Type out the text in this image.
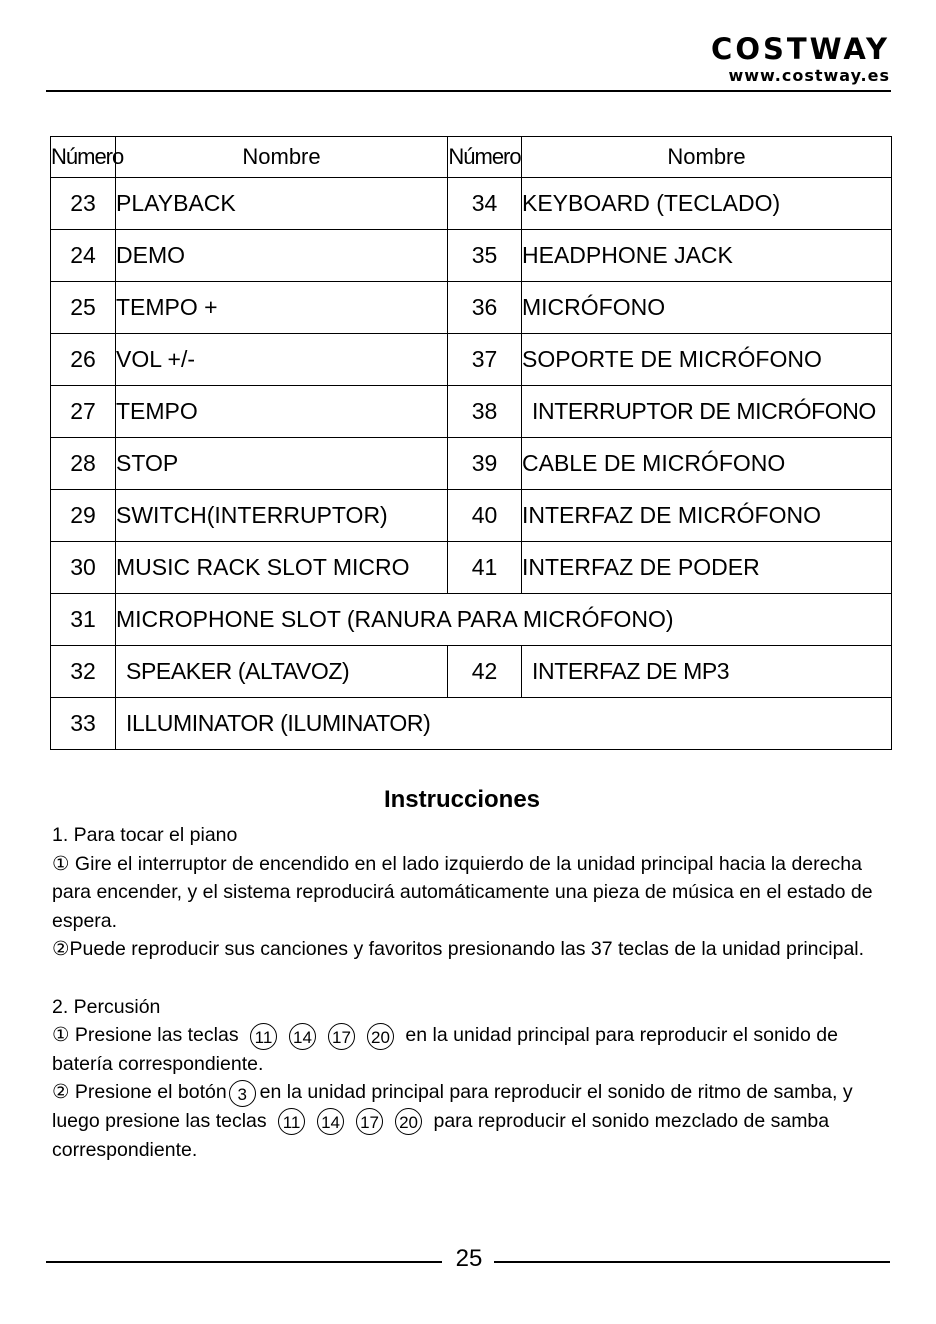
COSTWAY
www.costway.es
Número	Nombre	Número	Nombre
23	PLAYBACK	34	KEYBOARD (TECLADO)
24	DEMO	35	HEADPHONE JACK
25	TEMPO +	36	MICRÓFONO
26	VOL +/-	37	SOPORTE DE MICRÓFONO
27	TEMPO	38	INTERRUPTOR DE MICRÓFONO
28	STOP	39	CABLE DE MICRÓFONO
29	SWITCH(INTERRUPTOR)	40	INTERFAZ DE MICRÓFONO
30	MUSIC RACK SLOT MICRO	41	INTERFAZ DE PODER
31	MICROPHONE SLOT (RANURA PARA MICRÓFONO)		
32	SPEAKER (ALTAVOZ)	42	INTERFAZ DE MP3
33	ILLUMINATOR (ILUMINATOR)		
Instrucciones

1. Para tocar el piano

① Gire el interruptor de encendido en el lado izquierdo de la unidad principal hacia la derecha para encender, y el sistema reproducirá automáticamente una pieza de música en el estado de espera.

②Puede reproducir sus canciones y favoritos presionando las 37 teclas de la unidad principal.

2. Percusión

① Presione las teclas 11 14 17 20 en la unidad principal para reproducir el sonido de batería correspondiente.

② Presione el botón 3 en la unidad principal para reproducir el sonido de ritmo de samba, y luego presione las teclas 11 14 17 20 para reproducir el sonido mezclado de samba correspondiente.

25
